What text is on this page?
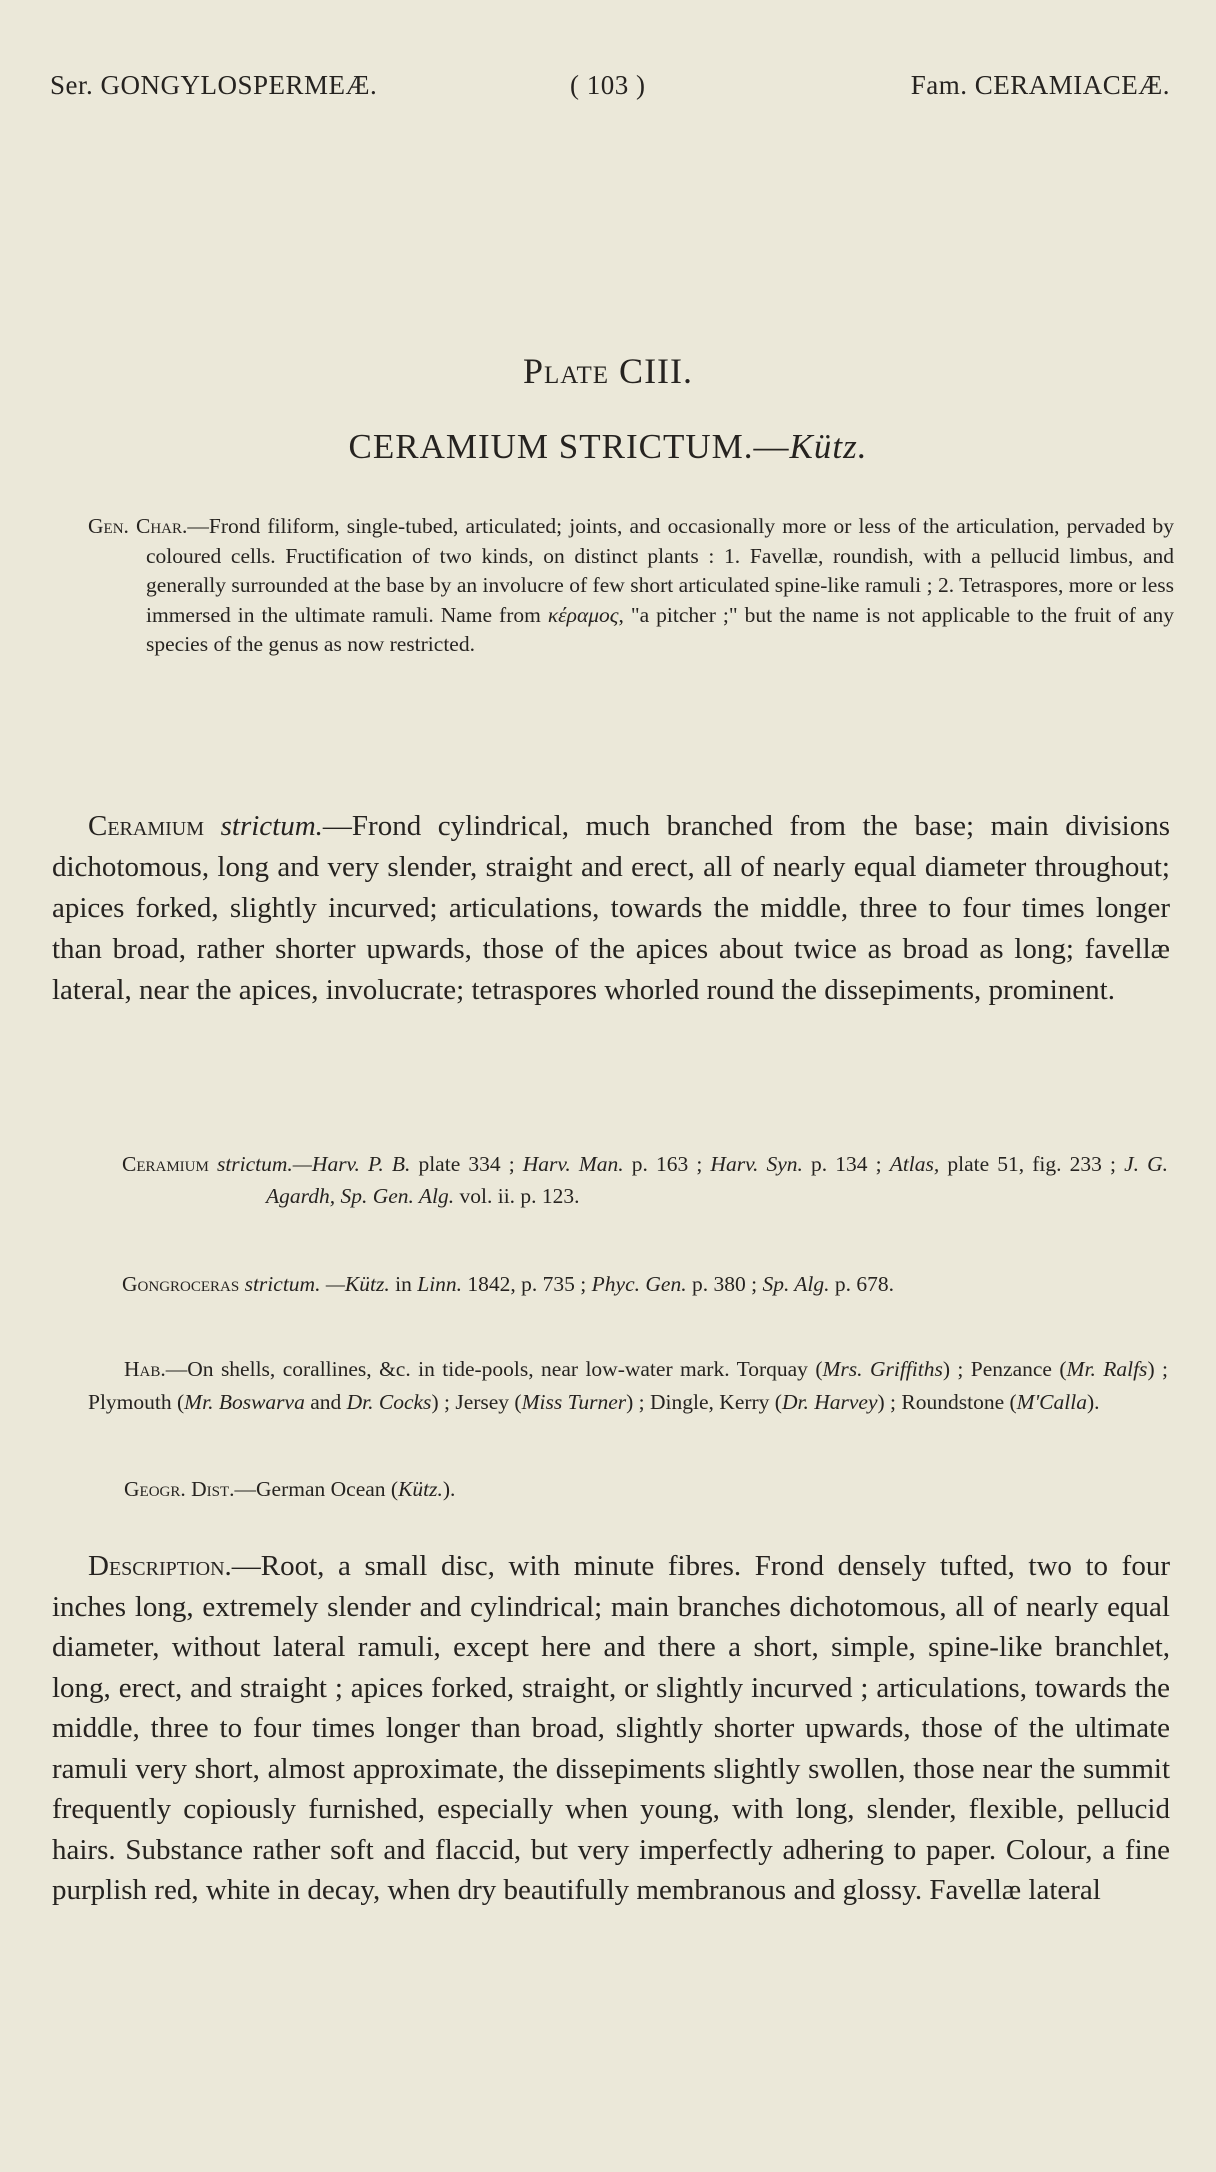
Ser. GONGYLOSPERMEÆ.	( 103 )	Fam. CERAMIACEÆ.
Plate CIII.
CERAMIUM STRICTUM.—Kütz.
Gen. Char.—Frond filiform, single-tubed, articulated; joints, and occasionally more or less of the articulation, pervaded by coloured cells. Fructification of two kinds, on distinct plants : 1. Favellæ, roundish, with a pellucid limbus, and generally surrounded at the base by an involucre of few short articulated spine-like ramuli ; 2. Tetraspores, more or less immersed in the ultimate ramuli. Name from κέραμος, "a pitcher ;" but the name is not applicable to the fruit of any species of the genus as now restricted.
Ceramium strictum.—Frond cylindrical, much branched from the base; main divisions dichotomous, long and very slender, straight and erect, all of nearly equal diameter throughout; apices forked, slightly incurved; articulations, towards the middle, three to four times longer than broad, rather shorter upwards, those of the apices about twice as broad as long; favellæ lateral, near the apices, involucrate; tetraspores whorled round the dissepiments, prominent.
Ceramium strictum.—Harv. P. B. plate 334 ; Harv. Man. p. 163 ; Harv. Syn. p. 134 ; Atlas, plate 51, fig. 233 ; J. G. Agardh, Sp. Gen. Alg. vol. ii. p. 123.
Gongroceras strictum. —Kütz. in Linn. 1842, p. 735 ; Phyc. Gen. p. 380 ; Sp. Alg. p. 678.
Hab.—On shells, corallines, &c. in tide-pools, near low-water mark. Torquay (Mrs. Griffiths) ; Penzance (Mr. Ralfs) ; Plymouth (Mr. Boswarva and Dr. Cocks) ; Jersey (Miss Turner) ; Dingle, Kerry (Dr. Harvey) ; Roundstone (M'Calla).
Geogr. Dist.—German Ocean (Kütz.).
Description.—Root, a small disc, with minute fibres. Frond densely tufted, two to four inches long, extremely slender and cylindrical; main branches dichotomous, all of nearly equal diameter, without lateral ramuli, except here and there a short, simple, spine-like branchlet, long, erect, and straight ; apices forked, straight, or slightly incurved ; articulations, towards the middle, three to four times longer than broad, slightly shorter upwards, those of the ultimate ramuli very short, almost approximate, the dissepiments slightly swollen, those near the summit frequently copiously furnished, especially when young, with long, slender, flexible, pellucid hairs. Substance rather soft and flaccid, but very imperfectly adhering to paper. Colour, a fine purplish red, white in decay, when dry beautifully membranous and glossy. Favellæ lateral
